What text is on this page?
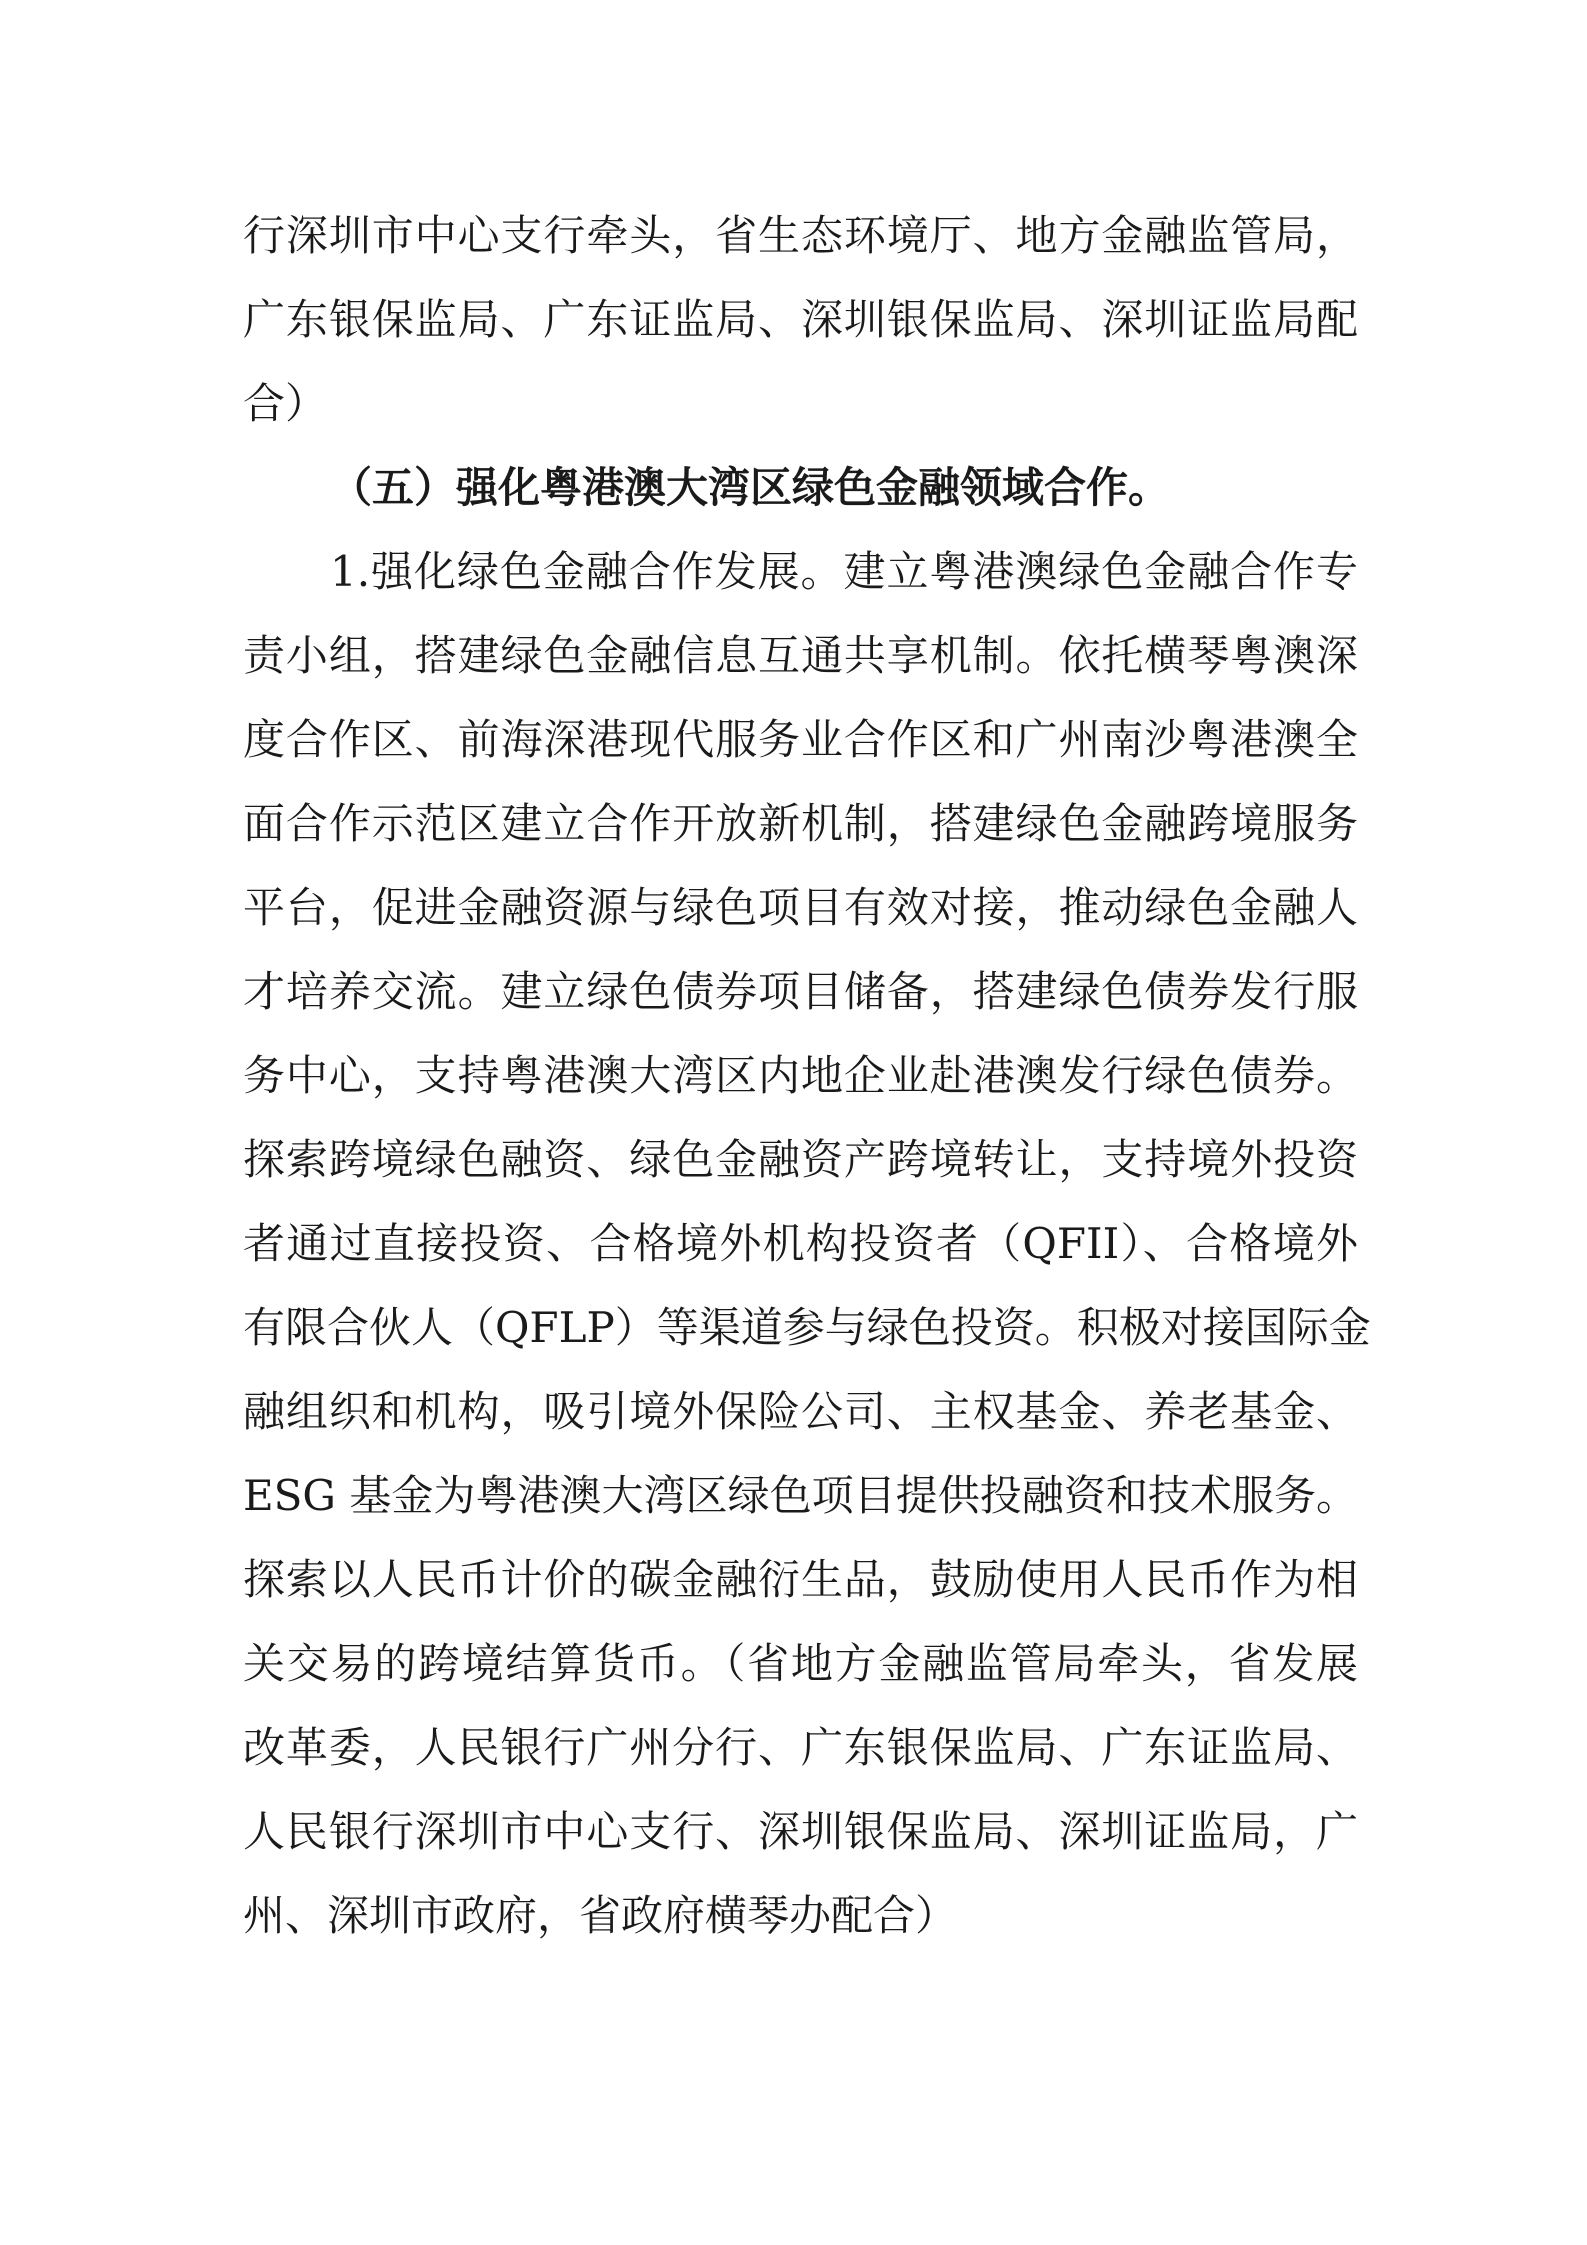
行深圳市中心支行牵头，省生态环境厅、地方金融监管局，
广东银保监局、广东证监局、深圳银保监局、深圳证监局配
合）
（五）强化粤港澳大湾区绿色金融领域合作。
1.强化绿色金融合作发展。建立粤港澳绿色金融合作专
责小组，搭建绿色金融信息互通共享机制。依托横琴粤澳深
度合作区、前海深港现代服务业合作区和广州南沙粤港澳全
面合作示范区建立合作开放新机制，搭建绿色金融跨境服务
平台，促进金融资源与绿色项目有效对接，推动绿色金融人
才培养交流。建立绿色债券项目储备，搭建绿色债券发行服
务中心，支持粤港澳大湾区内地企业赴港澳发行绿色债券。
探索跨境绿色融资、绿色金融资产跨境转让，支持境外投资
者通过直接投资、合格境外机构投资者（QFII）、合格境外
有限合伙人（QFLP）等渠道参与绿色投资。积极对接国际金
融组织和机构，吸引境外保险公司、主权基金、养老基金、
ESG 基金为粤港澳大湾区绿色项目提供投融资和技术服务。
探索以人民币计价的碳金融衍生品，鼓励使用人民币作为相
关交易的跨境结算货币。（省地方金融监管局牵头，省发展
改革委，人民银行广州分行、广东银保监局、广东证监局、
人民银行深圳市中心支行、深圳银保监局、深圳证监局，广
州、深圳市政府，省政府横琴办配合）
